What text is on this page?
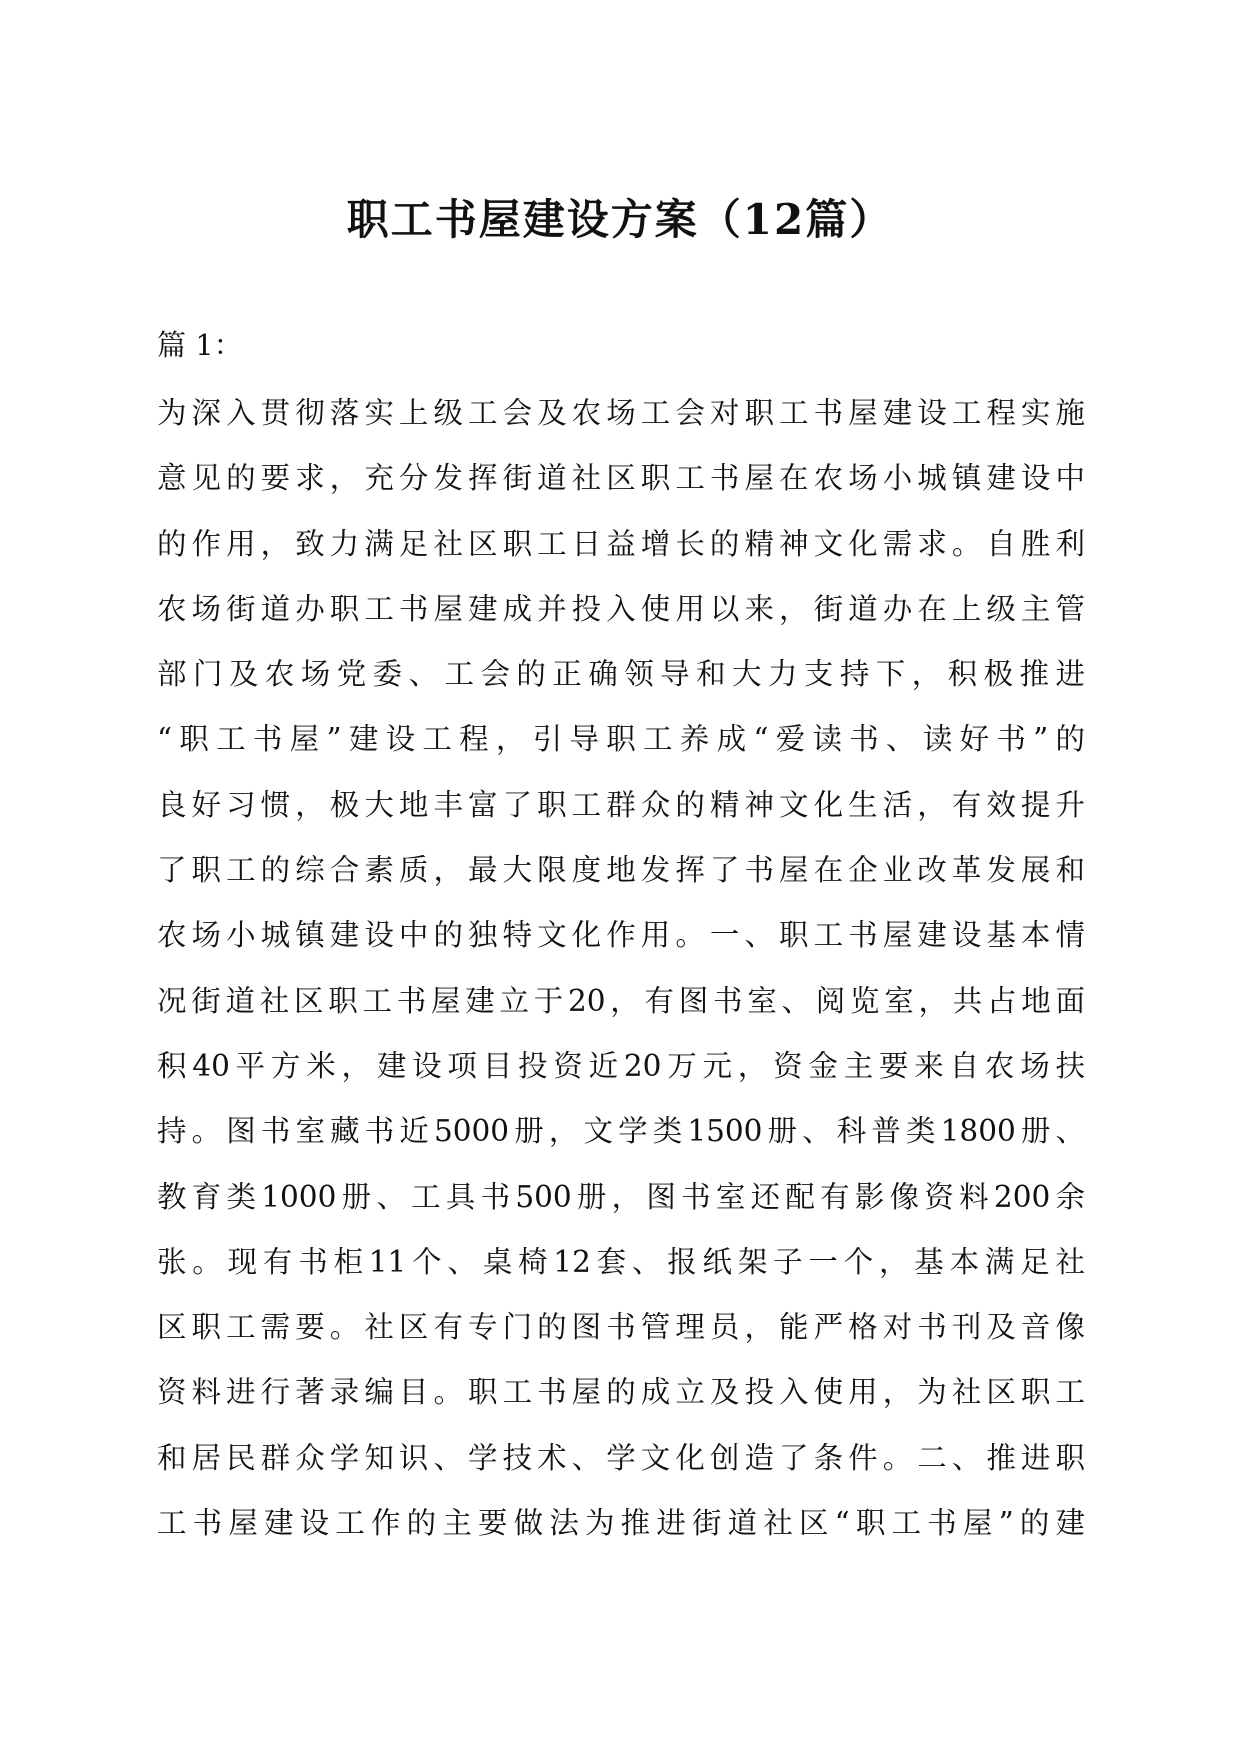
职工书屋建设方案（12篇）
篇 1：
为深入贯彻落实上级工会及农场工会对职工书屋建设工程实施
意见的要求，充分发挥街道社区职工书屋在农场小城镇建设中
的作用，致力满足社区职工日益增长的精神文化需求。自胜利
农场街道办职工书屋建成并投入使用以来，街道办在上级主管
部门及农场党委、工会的正确领导和大力支持下，积极推进
“职工书屋”建设工程，引导职工养成“爱读书、读好书”的
良好习惯，极大地丰富了职工群众的精神文化生活，有效提升
了职工的综合素质，最大限度地发挥了书屋在企业改革发展和
农场小城镇建设中的独特文化作用。一、职工书屋建设基本情
况街道社区职工书屋建立于20，有图书室、阅览室，共占地面
积40平方米，建设项目投资近20万元，资金主要来自农场扶
持。图书室藏书近5000册，文学类1500册、科普类1800册、
教育类1000册、工具书500册，图书室还配有影像资料200余
张。现有书柜11个、桌椅12套、报纸架子一个，基本满足社
区职工需要。社区有专门的图书管理员，能严格对书刊及音像
资料进行著录编目。职工书屋的成立及投入使用，为社区职工
和居民群众学知识、学技术、学文化创造了条件。二、推进职
工书屋建设工作的主要做法为推进街道社区“职工书屋”的建
